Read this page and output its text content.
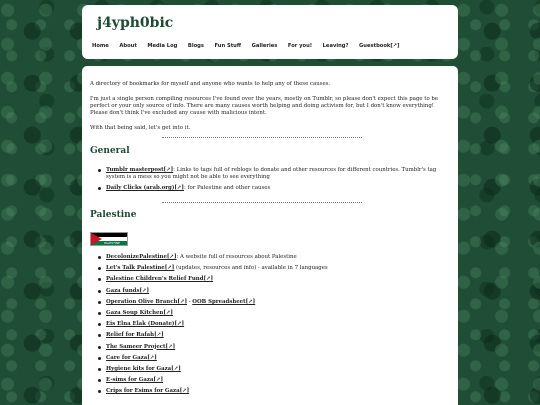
j4yph0bic
Home About Media Log Blogs Fun Stuff Galleries For you! Leaving? Guestbook[↗]

A directory of bookmarks for myself and anyone who wants to help any of these causes.

I'm just a single person compiling resources I've found over the years, mostly on Tumblr, so please don't expect this page to be perfect or your only source of info. There are many causes worth helping and doing activism for, but I don't know everything! Please don't think I've excluded any cause with malicious intent.

With that being said, let's get into it.

General
Tumblr masterpost[↗]: Links to tags full of reblogs to donate and other resources for different countries. Tumblr's tag system is a mess so you might not be able to see everything
Daily Clicks (arab.org)[↗]: for Palestine and other causes
Palestine
FREE PALESTINE
DecolonizePalestine[↗]: A website full of resources about Palestine
Let's Talk Palestine[↗] (updates, resources and info) - available in 7 languages
Palestine Children's Relief Fund[↗]
Gaza funds[↗]
Operation Olive Branch[↗] - OOB Spreadsheet[↗]
Gaza Soup Kitchen[↗]
Eis Elna Elak (Donate)[↗]
Relief for Rafah[↗]
The Sameer Project[↗]
Care for Gaza[↗]
Hygiene kits for Gaza[↗]
E-sims for Gaza[↗]
Crips for Esims for Gaza[↗]
